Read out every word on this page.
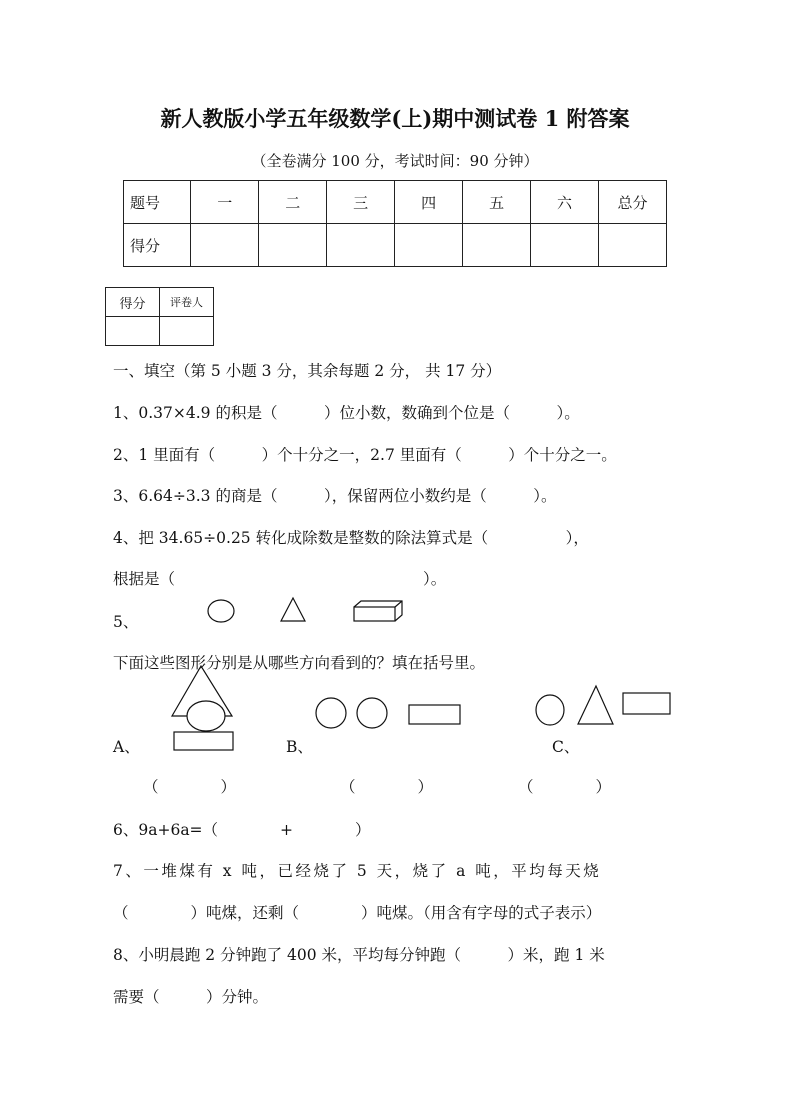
新人教版小学五年级数学(上)期中测试卷 1 附答案
（全卷满分 100 分，考试时间：90 分钟）
题号	一	二	三	四	五	六	总分
得分							
得分	评卷人

一、填空（第 5 小题 3 分，其余每题 2 分， 共 17 分）
1、0.37×4.9 的积是（　　　）位小数，数确到个位是（　　　）。
2、1 里面有（　　　）个十分之一，2.7 里面有（　　　）个十分之一。
3、6.64÷3.3 的商是（　　　），保留两位小数约是（　　　）。
4、把 34.65÷0.25 转化成除数是整数的除法算式是（　　　　　），
根据是（　　　　　　　　　　　　　　　　）。
5、
下面这些图形分别是从哪些方向看到的？填在括号里。
A、	B、	C、
（　　　　）	（　　　　）	（　　　　）
6、9a+6a=（　　　　+　　　　）
7、一堆煤有 x 吨，已经烧了 5 天，烧了 a 吨，平均每天烧
（　　　　）吨煤，还剩（　　　　）吨煤。（用含有字母的式子表示）
8、小明晨跑 2 分钟跑了 400 米，平均每分钟跑（　　　）米，跑 1 米
需要（　　　）分钟。
